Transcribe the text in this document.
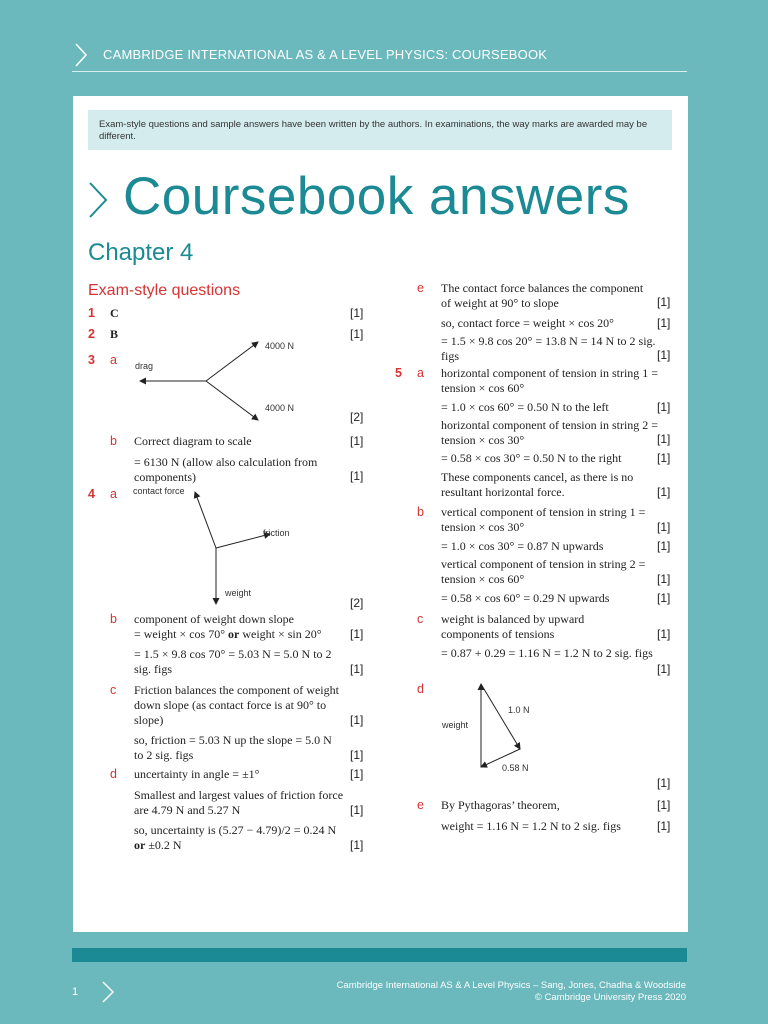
CAMBRIDGE INTERNATIONAL AS & A LEVEL PHYSICS: COURSEBOOK
Exam-style questions and sample answers have been written by the authors. In examinations, the way marks are awarded may be different.
Coursebook answers
Chapter 4
Exam-style questions
1 C	[1]
2 B	[1]
3 a drag
4000 N
4000 N
[2]
b Correct diagram to scale	[1]
= 6130 N (allow also calculation from components)	[1]
4 a contact force
friction
weight
[2]
b component of weight down slope
= weight × cos 70° or weight × sin 20°	[1]
= 1.5 × 9.8 cos 70° = 5.03 N = 5.0 N to 2 sig. figs	[1]
c Friction balances the component of weight down slope (as contact force is at 90° to slope)	[1]
so, friction = 5.03 N up the slope = 5.0 N to 2 sig. figs	[1]
d uncertainty in angle = ±1°	[1]
Smallest and largest values of friction force are 4.79 N and 5.27 N	[1]
so, uncertainty is (5.27 − 4.79)/2 = 0.24 N or ±0.2 N	[1]
e The contact force balances the component of weight at 90° to slope	[1]
so, contact force = weight × cos 20°	[1]
= 1.5 × 9.8 cos 20° = 13.8 N = 14 N to 2 sig. figs	[1]
5 a horizontal component of tension in string 1 = tension × cos 60°
= 1.0 × cos 60° = 0.50 N to the left	[1]
horizontal component of tension in string 2 = tension × cos 30°	[1]
= 0.58 × cos 30° = 0.50 N to the right	[1]
These components cancel, as there is no resultant horizontal force.	[1]
b vertical component of tension in string 1 = tension × cos 30°	[1]
= 1.0 × cos 30° = 0.87 N upwards	[1]
vertical component of tension in string 2 = tension × cos 60°	[1]
= 0.58 × cos 60° = 0.29 N upwards	[1]
c weight is balanced by upward components of tensions	[1]
= 0.87 + 0.29 = 1.16 N = 1.2 N to 2 sig. figs
[1]
d
weight
1.0 N
0.58 N
[1]
e By Pythagoras’ theorem,	[1]
weight = 1.16 N = 1.2 N to 2 sig. figs	[1]
1
Cambridge International AS & A Level Physics – Sang, Jones, Chadha & Woodside
© Cambridge University Press 2020
